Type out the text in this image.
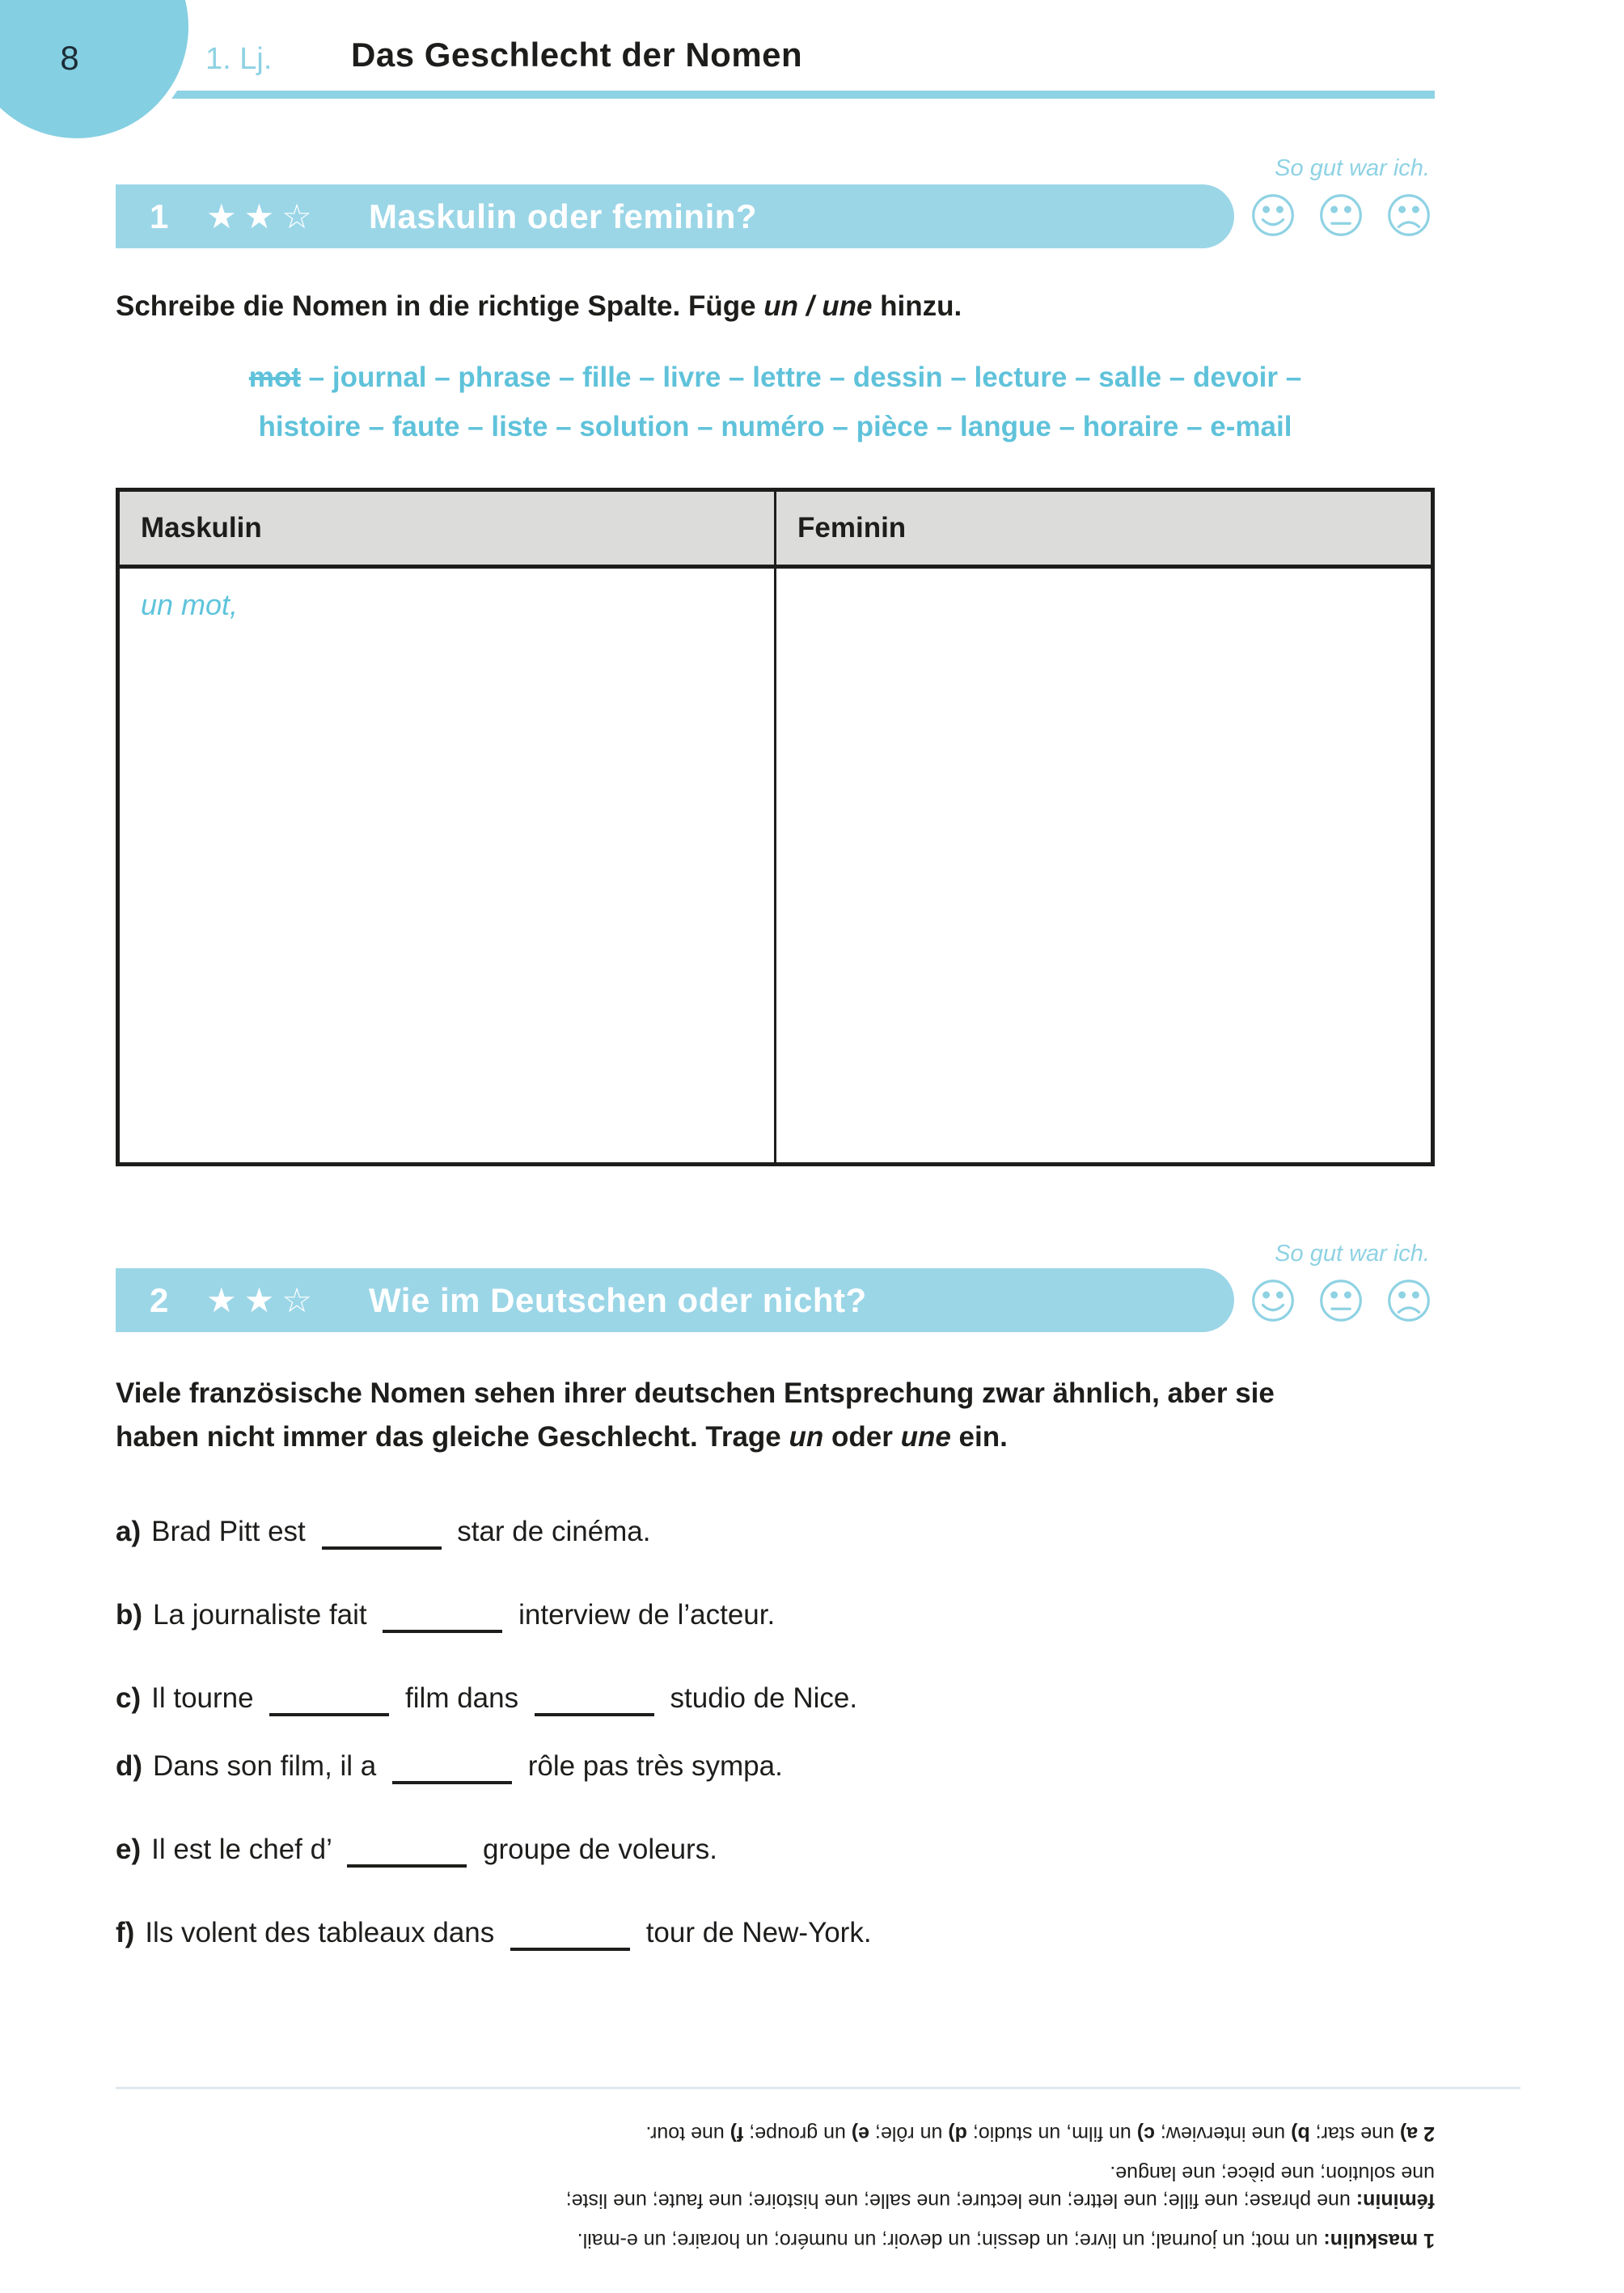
8	1. Lj. Das Geschlecht der Nomen
So gut war ich.
1 ★★☆ Maskulin oder feminin?
Schreibe die Nomen in die richtige Spalte. Füge un / une hinzu.
mot – journal – phrase – fille – livre – lettre – dessin – lecture – salle – devoir –
histoire – faute – liste – solution – numéro – pièce – langue – horaire – e-mail
Maskulin	Feminin
un mot,
So gut war ich.
2 ★★☆ Wie im Deutschen oder nicht?
Viele französische Nomen sehen ihrer deutschen Entsprechung zwar ähnlich, aber sie
haben nicht immer das gleiche Geschlecht. Trage un oder une ein.
a) Brad Pitt est	star de cinéma.
b) La journaliste fait	interview de l’acteur.
c) Il tourne	film dans	studio de Nice.
d) Dans son film, il a	rôle pas très sympa.
e) Il est le chef d’	groupe de voleurs.
f) Ils volent des tableaux dans	tour de New-York.

1 maskulin: un mot; un journal; un livre; un dessin; un devoir; un numéro; un horaire; un e-mail.

féminin: une phrase; une fille; une lettre; une lecture; une salle; une histoire; une faute; une liste;
une solution; une pièce; une langue.

2 a) une star; b) une interview; c) un film, un studio; d) un rôle; e) un groupe; f) une tour.
